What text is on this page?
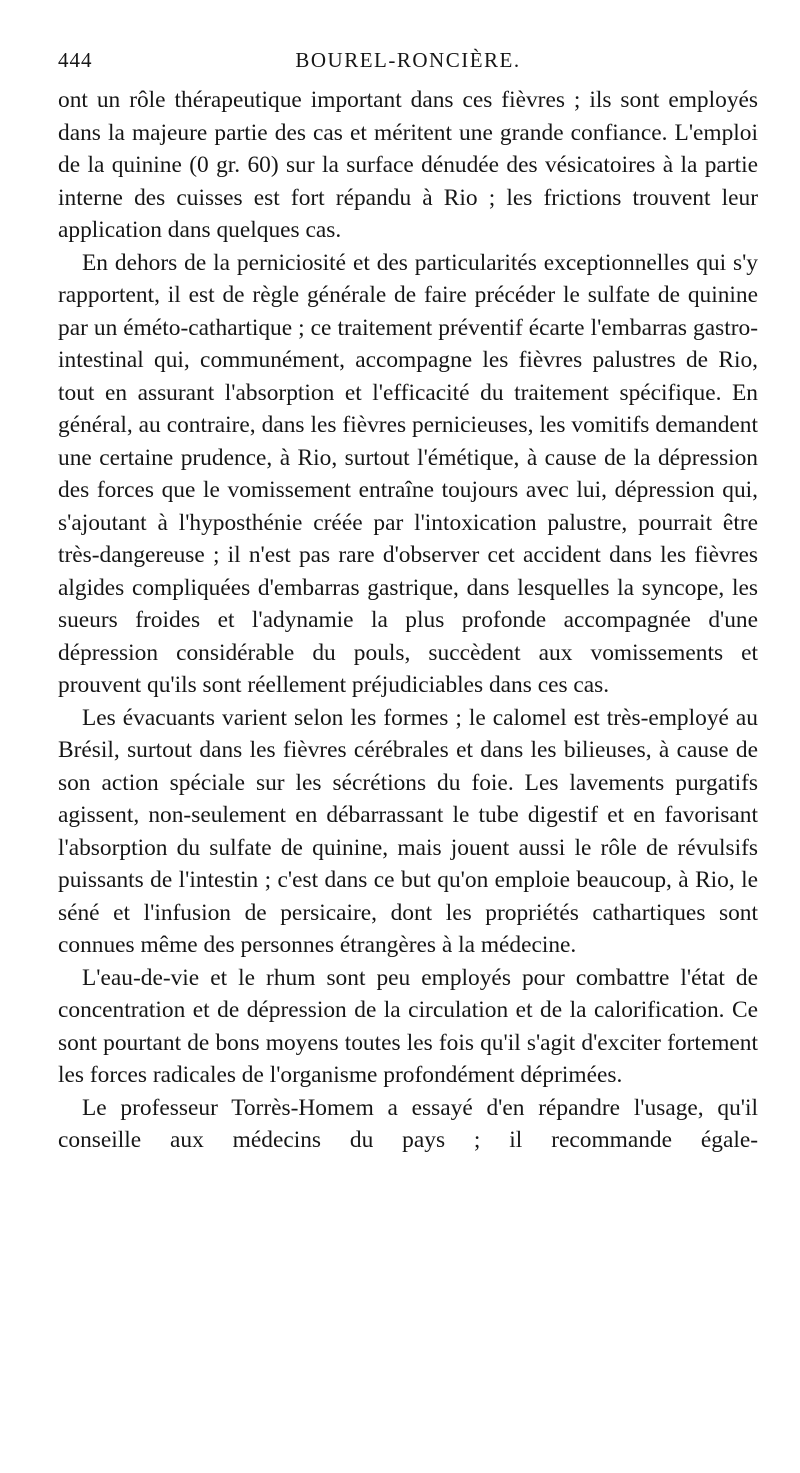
444	BOUREL-RONCIÈRE.

ont un rôle thérapeutique important dans ces fièvres ; ils sont employés dans la majeure partie des cas et méritent une grande confiance. L'emploi de la quinine (0 gr. 60) sur la surface dénudée des vésicatoires à la partie interne des cuisses est fort répandu à Rio ; les frictions trouvent leur application dans quelques cas.

En dehors de la perniciosité et des particularités exceptionnelles qui s'y rapportent, il est de règle générale de faire précéder le sulfate de quinine par un éméto-cathartique ; ce traitement préventif écarte l'embarras gastro-intestinal qui, communément, accompagne les fièvres palustres de Rio, tout en assurant l'absorption et l'efficacité du traitement spécifique. En général, au contraire, dans les fièvres pernicieuses, les vomitifs demandent une certaine prudence, à Rio, surtout l'émétique, à cause de la dépression des forces que le vomissement entraîne toujours avec lui, dépression qui, s'ajoutant à l'hyposthénie créée par l'intoxication palustre, pourrait être très-dangereuse ; il n'est pas rare d'observer cet accident dans les fièvres algides compliquées d'embarras gastrique, dans lesquelles la syncope, les sueurs froides et l'adynamie la plus profonde accompagnée d'une dépression considérable du pouls, succèdent aux vomissements et prouvent qu'ils sont réellement préjudiciables dans ces cas.

Les évacuants varient selon les formes ; le calomel est très-employé au Brésil, surtout dans les fièvres cérébrales et dans les bilieuses, à cause de son action spéciale sur les sécrétions du foie. Les lavements purgatifs agissent, non-seulement en débarrassant le tube digestif et en favorisant l'absorption du sulfate de quinine, mais jouent aussi le rôle de révulsifs puissants de l'intestin ; c'est dans ce but qu'on emploie beaucoup, à Rio, le séné et l'infusion de persicaire, dont les propriétés cathartiques sont connues même des personnes étrangères à la médecine.

L'eau-de-vie et le rhum sont peu employés pour combattre l'état de concentration et de dépression de la circulation et de la calorification. Ce sont pourtant de bons moyens toutes les fois qu'il s'agit d'exciter fortement les forces radicales de l'organisme profondément déprimées.

Le professeur Torrès-Homem a essayé d'en répandre l'usage, qu'il conseille aux médecins du pays ; il recommande égale-
